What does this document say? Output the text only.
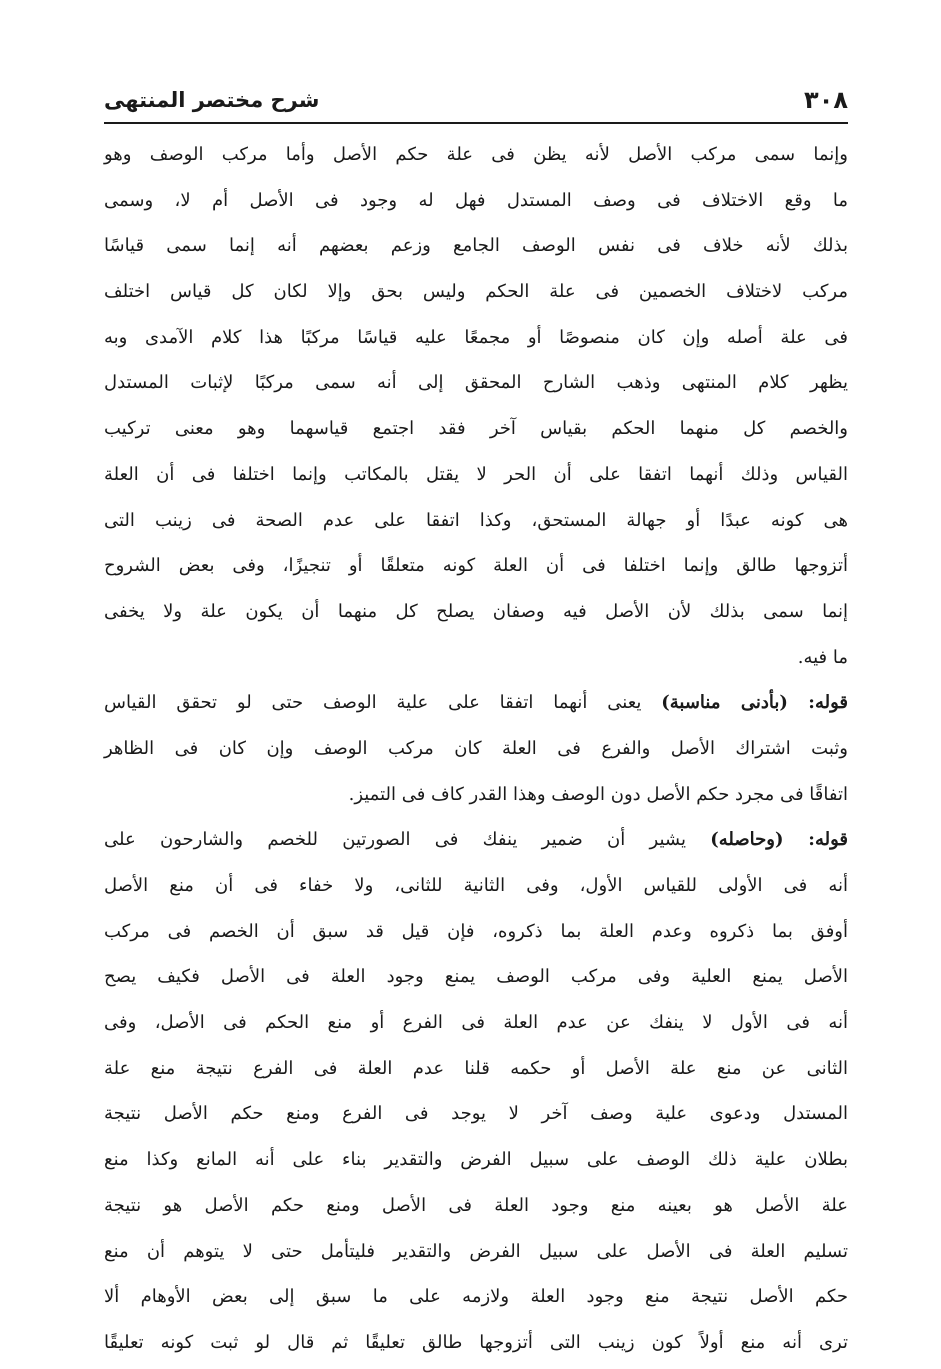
٣٠٨
شرح مختصر المنتهى
وإنما سمى مركب الأصل لأنه يظن فى علة حكم الأصل وأما مركب الوصف وهو
ما وقع الاختلاف فى وصف المستدل فهل له وجود فى الأصل أم لا، وسمى
بذلك لأنه خلاف فى نفس الوصف الجامع وزعم بعضهم أنه إنما سمى قياسًا
مركب لاختلاف الخصمين فى علة الحكم وليس بحق وإلا لكان كل قياس اختلف
فى علة أصله وإن كان منصوصًا أو مجمعًا عليه قياسًا مركبًا هذا كلام الآمدى وبه
يظهر كلام المنتهى وذهب الشارح المحقق إلى أنه سمى مركبًا لإثبات المستدل
والخصم كل منهما الحكم بقياس آخر فقد اجتمع قياسهما وهو معنى تركيب
القياس وذلك أنهما اتفقا على أن الحر لا يقتل بالمكاتب وإنما اختلفا فى أن العلة
هى كونه عبدًا أو جهالة المستحق، وكذا اتفقا على عدم الصحة فى زينب التى
أتزوجها طالق وإنما اختلفا فى أن العلة كونه متعلقًا أو تنجيزًا، وفى بعض الشروح
إنما سمى بذلك لأن الأصل فيه وصفان يصلح كل منهما أن يكون علة ولا يخفى
ما فيه.
قوله: (بأدنى مناسبة) يعنى أنهما اتفقا على علية الوصف حتى لو تحقق القياس
وثبت اشتراك الأصل والفرع فى العلة كان مركب الوصف وإن كان فى الظاهر
اتفاقًا فى مجرد حكم الأصل دون الوصف وهذا القدر كاف فى التميز.
قوله: (وحاصله) يشير أن ضمير ينفك فى الصورتين للخصم والشارحون على
أنه فى الأولى للقياس الأول، وفى الثانية للثانى، ولا خفاء فى أن منع الأصل
أوفق بما ذكروه وعدم العلة بما ذكروه، فإن قيل قد سبق أن الخصم فى مركب
الأصل يمنع العلية وفى مركب الوصف يمنع وجود العلة فى الأصل فكيف يصح
أنه فى الأول لا ينفك عن عدم العلة فى الفرع أو منع الحكم فى الأصل، وفى
الثانى عن منع علة الأصل أو حكمه قلنا عدم العلة فى الفرع نتيجة منع علة
المستدل ودعوى علية وصف آخر لا يوجد فى الفرع ومنع حكم الأصل نتيجة
بطلان علية ذلك الوصف على سبيل الفرض والتقدير بناء على أنه المانع وكذا منع
علة الأصل هو بعينه منع وجود العلة فى الأصل ومنع حكم الأصل هو نتيجة
تسليم العلة فى الأصل على سبيل الفرض والتقدير فليتأمل حتى لا يتوهم أن منع
حكم الأصل نتيجة منع وجود العلة ولازمه على ما سبق إلى بعض الأوهام ألا
ترى أنه منع أولاً كون زينب التى أتزوجها طالق تعليقًا ثم قال لو ثبت كونه تعليقًا
